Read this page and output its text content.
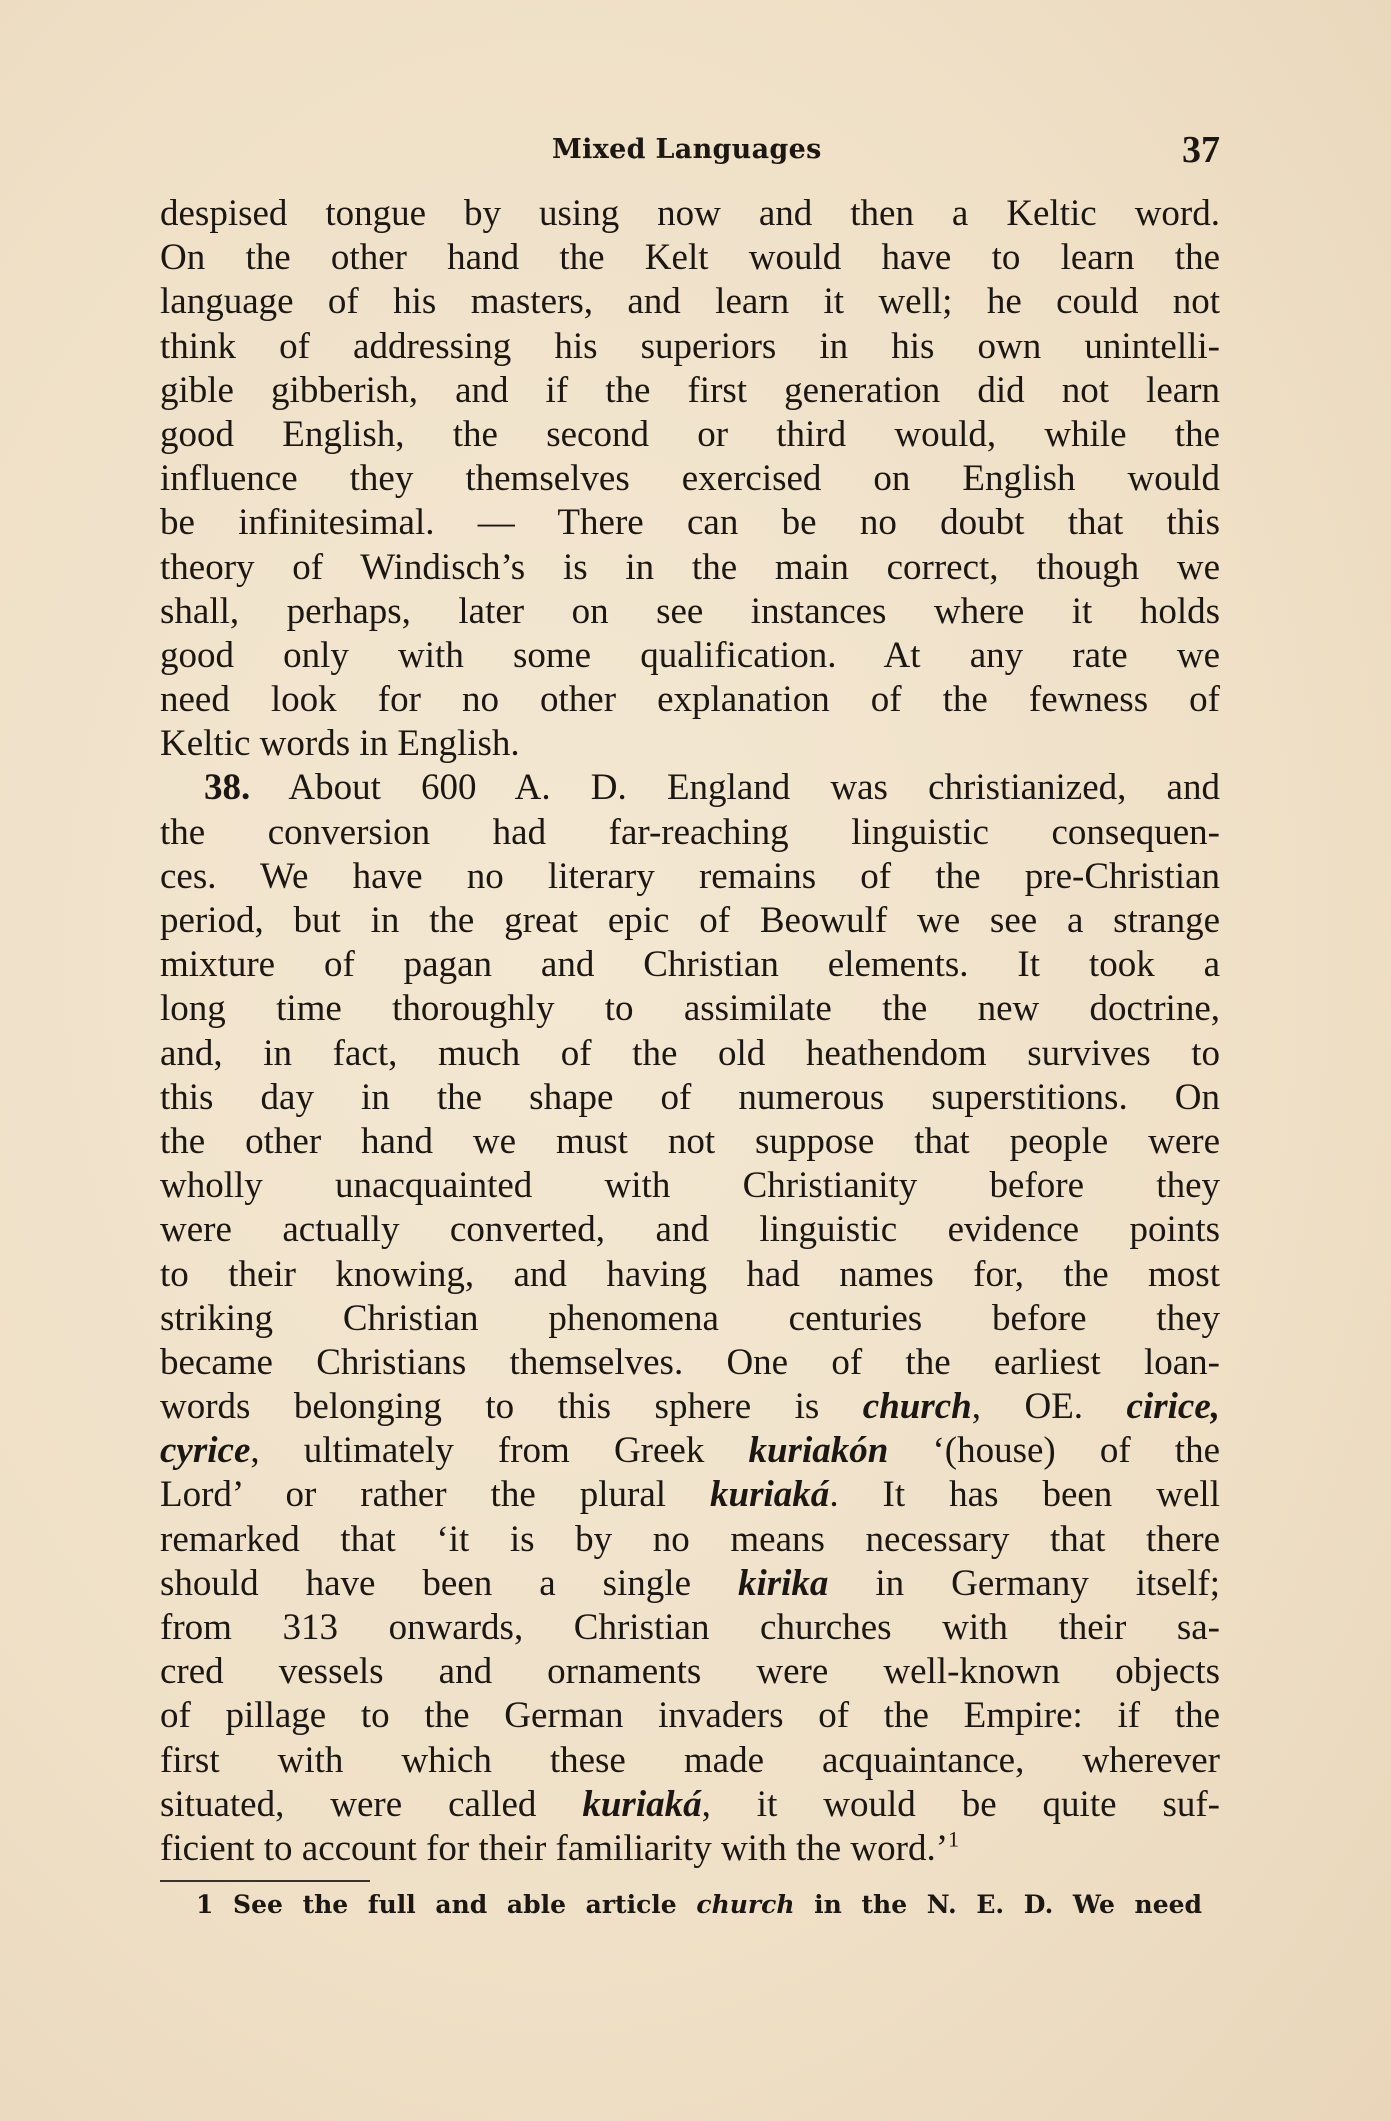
Mixed Languages	37
despised tongue by using now and then a Keltic word.
On the other hand the Kelt would have to learn the
language of his masters, and learn it well; he could not
think of addressing his superiors in his own unintelli-
gible gibberish, and if the first generation did not learn
good English, the second or third would, while the
influence they themselves exercised on English would
be infinitesimal. — There can be no doubt that this
theory of Windisch’s is in the main correct, though we
shall, perhaps, later on see instances where it holds
good only with some qualification. At any rate we
need look for no other explanation of the fewness of
Keltic words in English.
38. About 600 A. D. England was christianized, and
the conversion had far-reaching linguistic consequen-
ces. We have no literary remains of the pre-Christian
period, but in the great epic of Beowulf we see a strange
mixture of pagan and Christian elements. It took a
long time thoroughly to assimilate the new doctrine,
and, in fact, much of the old heathendom survives to
this day in the shape of numerous superstitions. On
the other hand we must not suppose that people were
wholly unacquainted with Christianity before they
were actually converted, and linguistic evidence points
to their knowing, and having had names for, the most
striking Christian phenomena centuries before they
became Christians themselves. One of the earliest loan-
words belonging to this sphere is church, OE. cirice,
cyrice, ultimately from Greek kuriakón ‘(house) of the
Lord’ or rather the plural kuriaká. It has been well
remarked that ‘it is by no means necessary that there
should have been a single kirika in Germany itself;
from 313 onwards, Christian churches with their sa-
cred vessels and ornaments were well-known objects
of pillage to the German invaders of the Empire: if the
first with which these made acquaintance, wherever
situated, were called kuriaká, it would be quite suf-
ficient to account for their familiarity with the word.’$^1$
1 See the full and able article church in the N. E. D. We need
